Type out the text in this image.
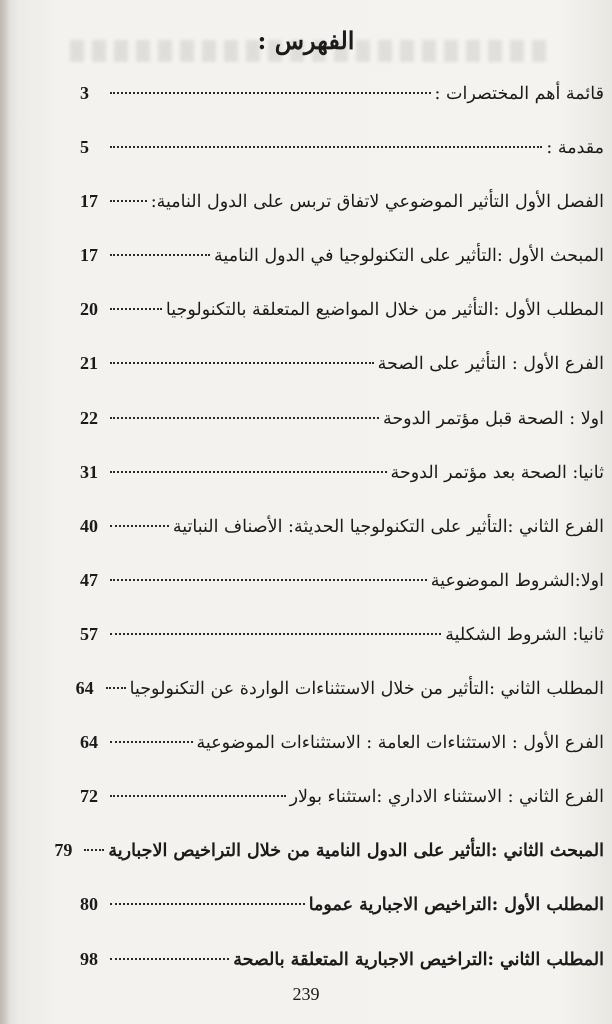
الفهرس :
قائمة أهم المختصرات :
3
مقدمة :
5
الفصل الأول التأثير الموضوعي لاتفاق تربس على الدول النامية:
17
المبحث الأول :التأثير على التكنولوجيا في الدول النامية
17
المطلب الأول :التأثير من خلال المواضيع المتعلقة بالتكنولوجيا
20
الفرع الأول : التأثير على الصحة
21
اولا : الصحة قبل مؤتمر الدوحة
22
ثانيا: الصحة بعد مؤتمر الدوحة
31
الفرع الثاني :التأثير على التكنولوجيا الحديثة: الأصناف النباتية
40
اولا:الشروط الموضوعية
47
ثانيا: الشروط الشكلية
57
المطلب الثاني :التأثير من خلال الاستثناءات الواردة عن التكنولوجيا
64
الفرع الأول : الاستثناءات العامة : الاستثناءات الموضوعية
64
الفرع الثاني : الاستثناء الاداري :استثناء بولار
72
المبحث الثاني :التأثير على الدول النامية من خلال التراخيص الاجبارية
79
المطلب الأول :التراخيص الاجبارية عموما
80
المطلب الثاني :التراخيص الاجبارية المتعلقة بالصحة
98
239
